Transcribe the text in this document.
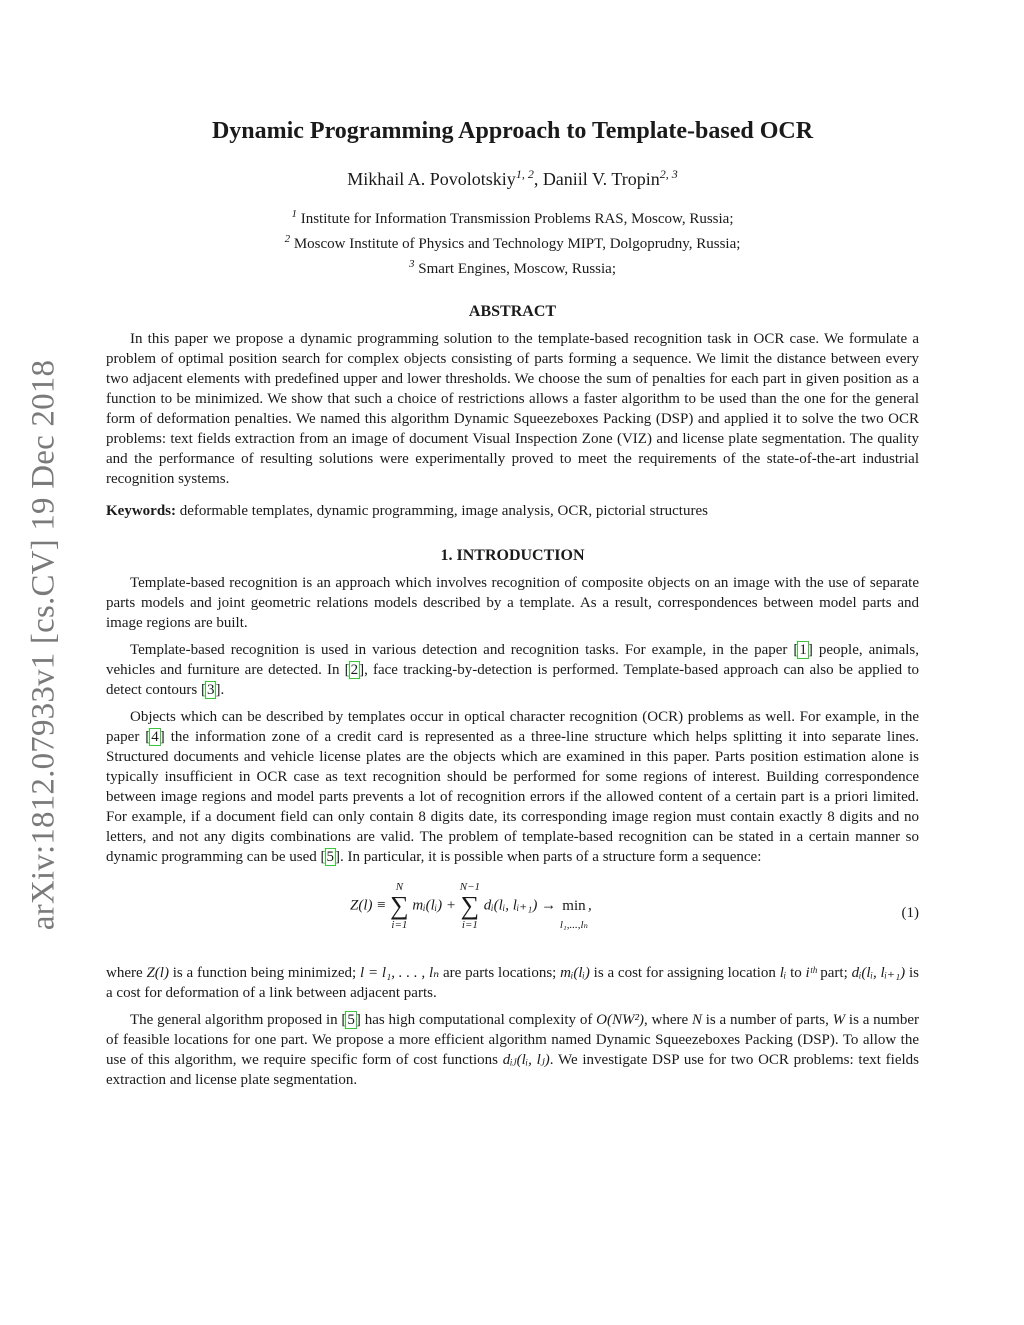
arXiv:1812.07933v1 [cs.CV] 19 Dec 2018
Dynamic Programming Approach to Template-based OCR
Mikhail A. Povolotskiy$^{1, 2}$, Daniil V. Tropin$^{2, 3}$
$^1$ Institute for Information Transmission Problems RAS, Moscow, Russia;
$^2$ Moscow Institute of Physics and Technology MIPT, Dolgoprudny, Russia;
$^3$ Smart Engines, Moscow, Russia;
ABSTRACT

In this paper we propose a dynamic programming solution to the template-based recognition task in OCR case. We formulate a problem of optimal position search for complex objects consisting of parts forming a sequence. We limit the distance between every two adjacent elements with predefined upper and lower thresholds. We choose the sum of penalties for each part in given position as a function to be minimized. We show that such a choice of restrictions allows a faster algorithm to be used than the one for the general form of deformation penalties. We named this algorithm Dynamic Squeezeboxes Packing (DSP) and applied it to solve the two OCR problems: text fields extraction from an image of document Visual Inspection Zone (VIZ) and license plate segmentation. The quality and the performance of resulting solutions were experimentally proved to meet the requirements of the state-of-the-art industrial recognition systems.

Keywords: deformable templates, dynamic programming, image analysis, OCR, pictorial structures

1. INTRODUCTION

Template-based recognition is an approach which involves recognition of composite objects on an image with the use of separate parts models and joint geometric relations models described by a template. As a result, correspondences between model parts and image regions are built.

Template-based recognition is used in various detection and recognition tasks. For example, in the paper [1] people, animals, vehicles and furniture are detected. In [2], face tracking-by-detection is performed. Template-based approach can also be applied to detect contours [3].

Objects which can be described by templates occur in optical character recognition (OCR) problems as well. For example, in the paper [4] the information zone of a credit card is represented as a three-line structure which helps splitting it into separate lines. Structured documents and vehicle license plates are the objects which are examined in this paper. Parts position estimation alone is typically insufficient in OCR case as text recognition should be performed for some regions of interest. Building correspondence between image regions and model parts prevents a lot of recognition errors if the allowed content of a certain part is a priori limited. For example, if a document field can only contain 8 digits date, its corresponding image region must contain exactly 8 digits and no letters, and not any digits combinations are valid. The problem of template-based recognition can be stated in a certain manner so dynamic programming can be used [5]. In particular, it is possible when parts of a structure form a sequence:

Z(l) ≡
N
∑
i=1
mᵢ(lᵢ) +
N−1
∑
i=1
dᵢ(lᵢ, lᵢ₊₁) →
min
l₁,...,lₙ
,	(1)

where Z(l) is a function being minimized; l = l₁, . . . , lₙ are parts locations; mᵢ(lᵢ) is a cost for assigning location lᵢ to iᵗʰ part; dᵢ(lᵢ, lᵢ₊₁) is a cost for deformation of a link between adjacent parts.

The general algorithm proposed in [5] has high computational complexity of O(NW²), where N is a number of parts, W is a number of feasible locations for one part. We propose a more efficient algorithm named Dynamic Squeezeboxes Packing (DSP). To allow the use of this algorithm, we require specific form of cost functions dᵢⱼ(lᵢ, lⱼ). We investigate DSP use for two OCR problems: text fields extraction and license plate segmentation.
